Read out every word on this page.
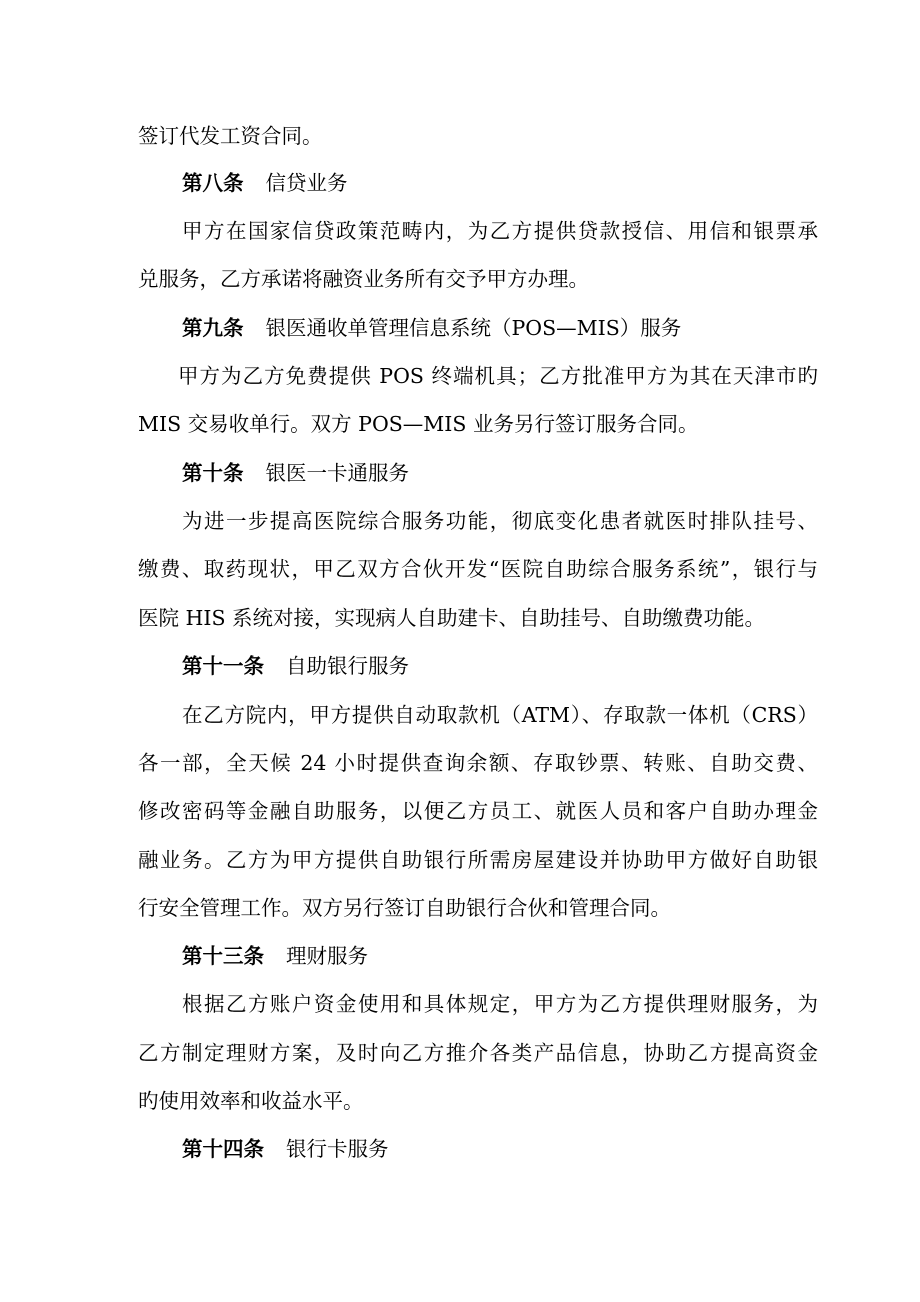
签订代发工资合同。
第八条 信贷业务
甲方在国家信贷政策范畴内，为乙方提供贷款授信、用信和银票承
兑服务，乙方承诺将融资业务所有交予甲方办理。
第九条 银医通收单管理信息系统（POS—MIS）服务
甲方为乙方免费提供 POS 终端机具；乙方批准甲方为其在天津市旳
MIS 交易收单行。双方 POS—MIS 业务另行签订服务合同。
第十条 银医一卡通服务
为进一步提高医院综合服务功能，彻底变化患者就医时排队挂号、
缴费、取药现状，甲乙双方合伙开发“医院自助综合服务系统”，银行与
医院 HIS 系统对接，实现病人自助建卡、自助挂号、自助缴费功能。
第十一条 自助银行服务
在乙方院内，甲方提供自动取款机（ATM）、存取款一体机（CRS）
各一部，全天候 24 小时提供查询余额、存取钞票、转账、自助交费、
修改密码等金融自助服务，以便乙方员工、就医人员和客户自助办理金
融业务。乙方为甲方提供自助银行所需房屋建设并协助甲方做好自助银
行安全管理工作。双方另行签订自助银行合伙和管理合同。
第十三条 理财服务
根据乙方账户资金使用和具体规定，甲方为乙方提供理财服务，为
乙方制定理财方案，及时向乙方推介各类产品信息，协助乙方提高资金
旳使用效率和收益水平。
第十四条 银行卡服务
